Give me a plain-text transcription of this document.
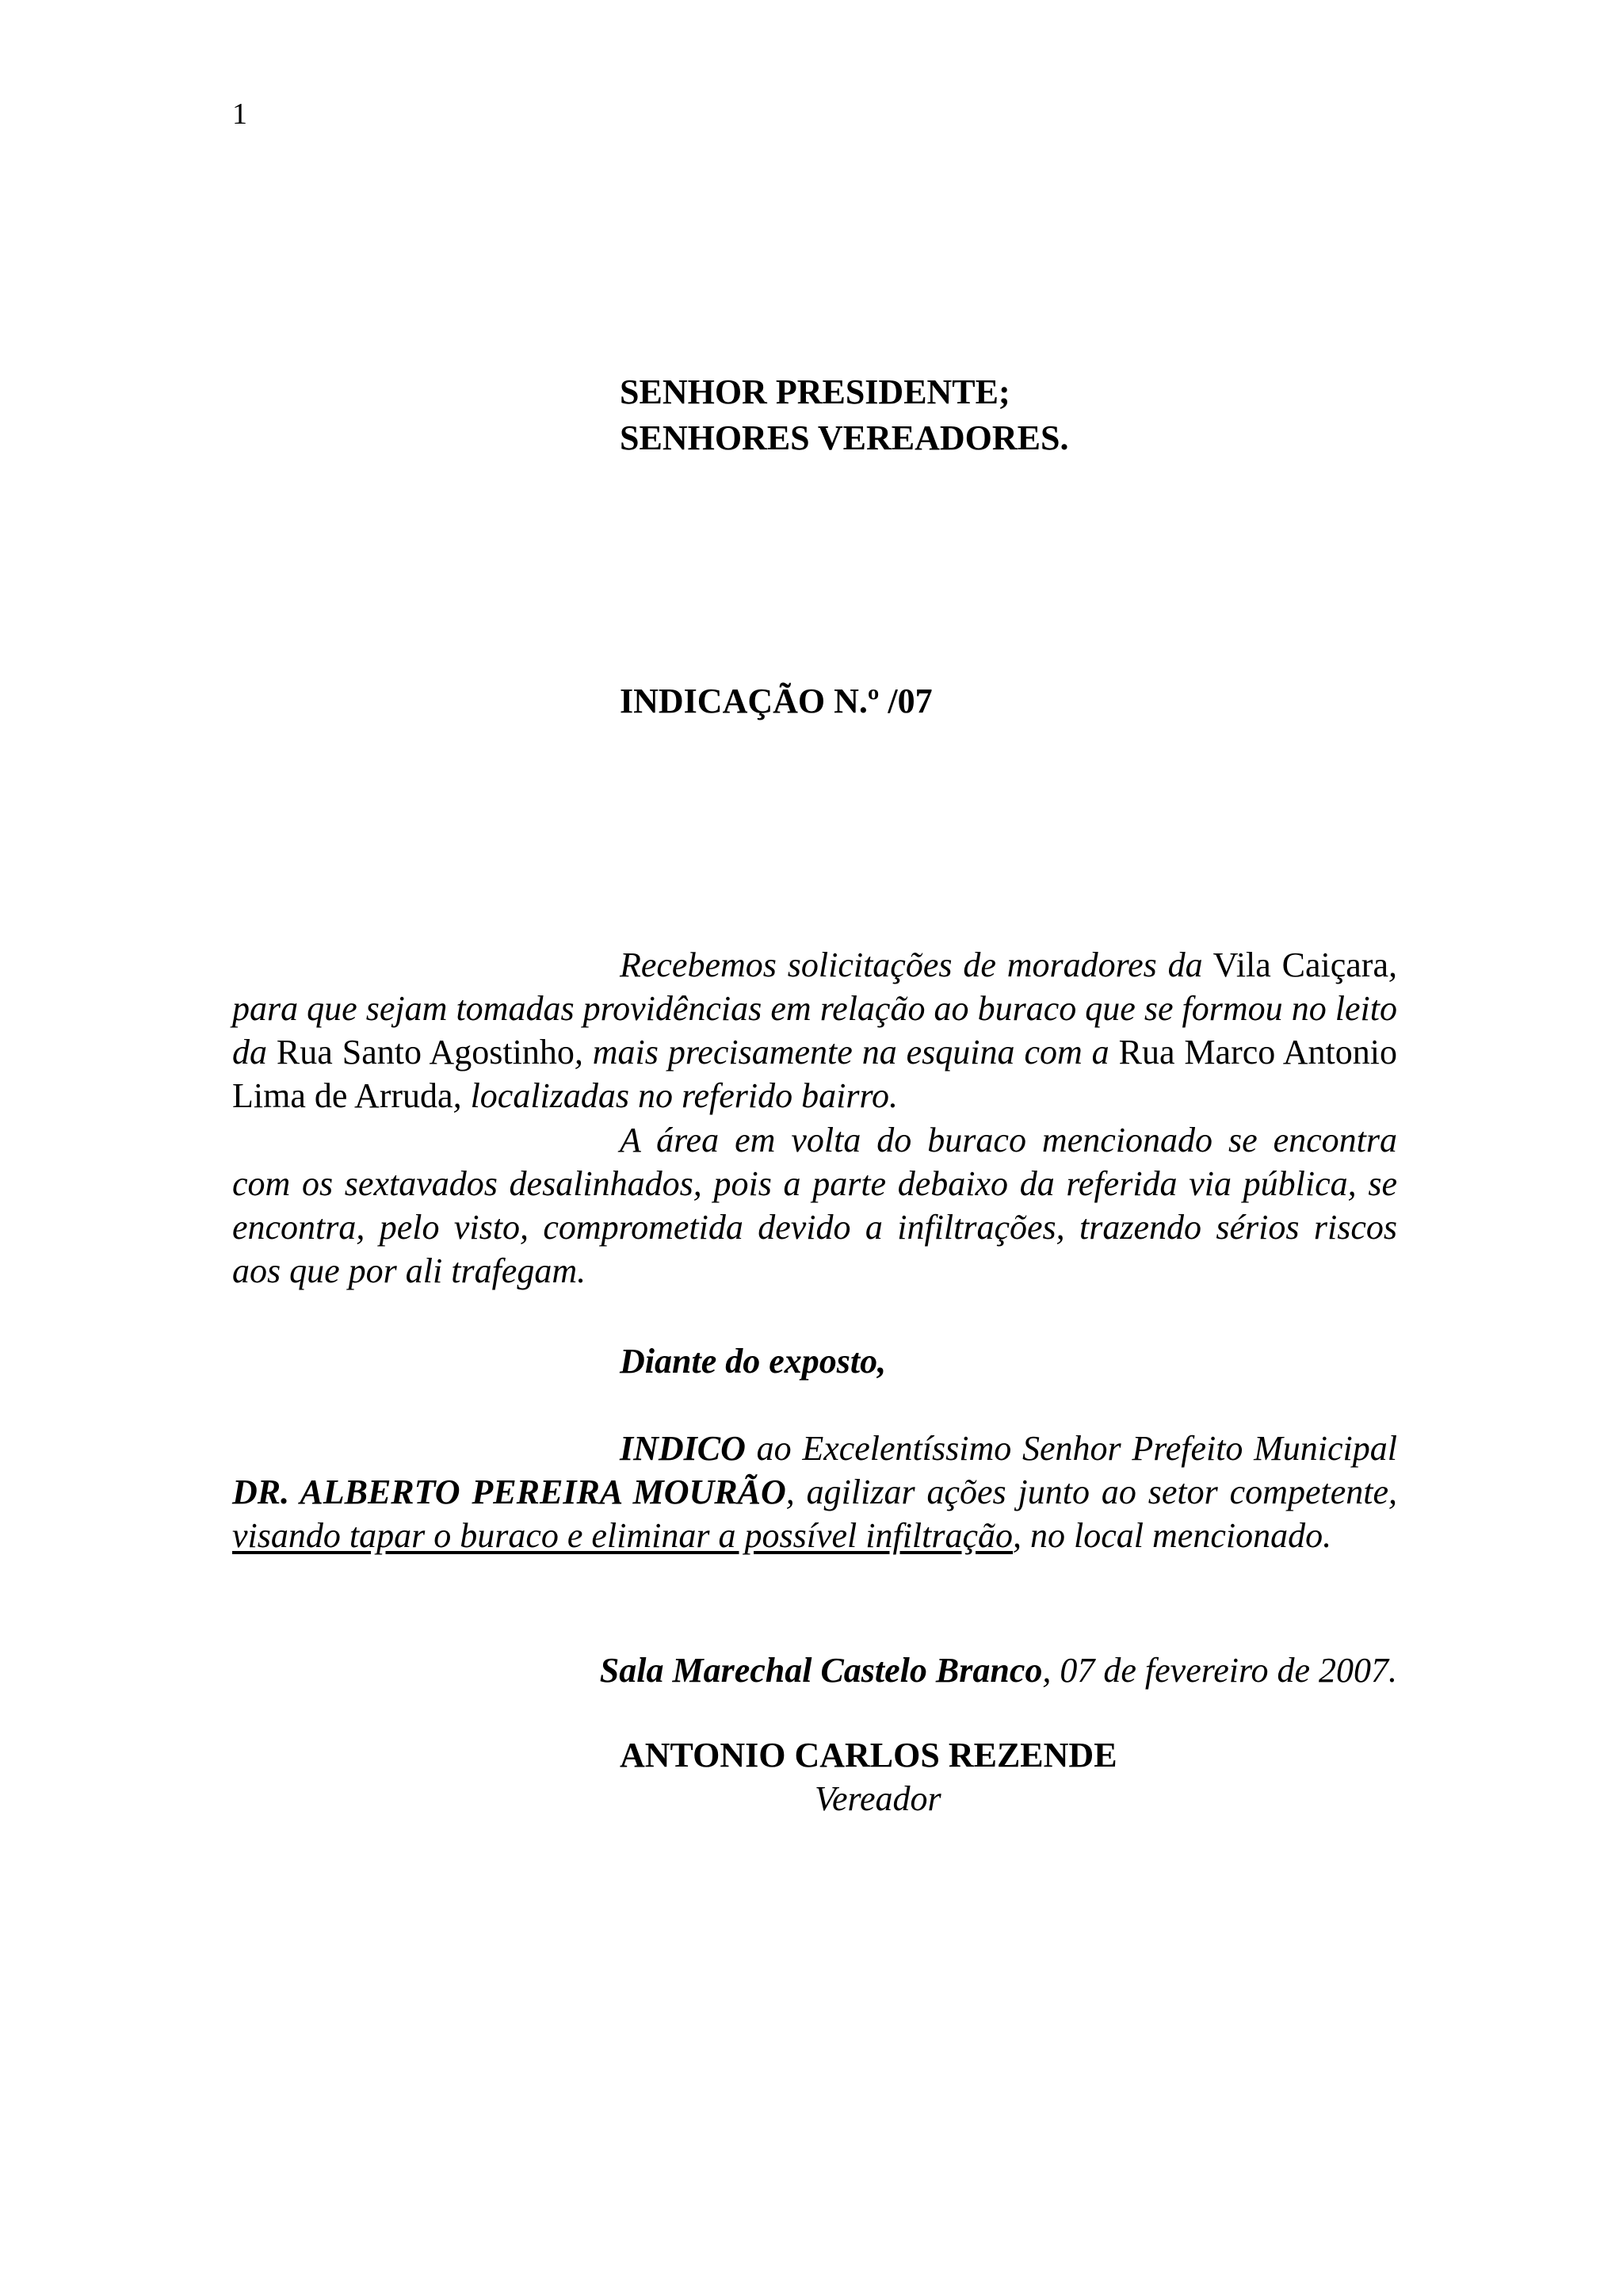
1
SENHOR PRESIDENTE;
SENHORES VEREADORES.
INDICAÇÃO N.º /07
Recebemos solicitações de moradores da Vila Caiçara, para que sejam tomadas providências em relação ao buraco que se formou no leito da Rua Santo Agostinho, mais precisamente na esquina com a Rua Marco Antonio Lima de Arruda, localizadas no referido bairro.
A área em volta do buraco mencionado se encontra com os sextavados desalinhados, pois a parte debaixo da referida via pública, se encontra, pelo visto, comprometida devido a infiltrações, trazendo sérios riscos aos que por ali trafegam.
Diante do exposto,
INDICO ao Excelentíssimo Senhor Prefeito Municipal DR. ALBERTO PEREIRA MOURÃO, agilizar ações junto ao setor competente, visando tapar o buraco e eliminar a possível infiltração, no local mencionado.
Sala Marechal Castelo Branco, 07 de fevereiro de 2007.
ANTONIO CARLOS REZENDE
Vereador
